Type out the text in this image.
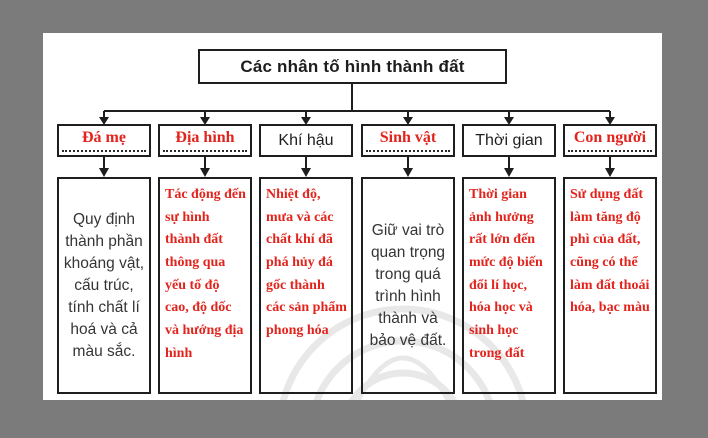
Các nhân tố hình thành đất
Đá mẹ
Quy định thành phần khoáng vật, cấu trúc, tính chất lí hoá và cả màu sắc.
Địa hình
Tác động đến sự hình thành đất thông qua yếu tố độ cao, độ dốc và hướng địa hình
Khí hậu
Nhiệt độ, mưa và các chất khí đã phá hủy đá gốc thành các sản phẩm phong hóa
Sinh vật
Giữ vai trò quan trọng trong quá trình hình thành và bảo vệ đất.
Thời gian
Thời gian ảnh hưởng rất lớn đến mức độ biến đổi lí học, hóa học và sinh học trong đất
Con người
Sử dụng đất làm tăng độ phì của đất, cũng có thể làm đất thoái hóa, bạc màu
